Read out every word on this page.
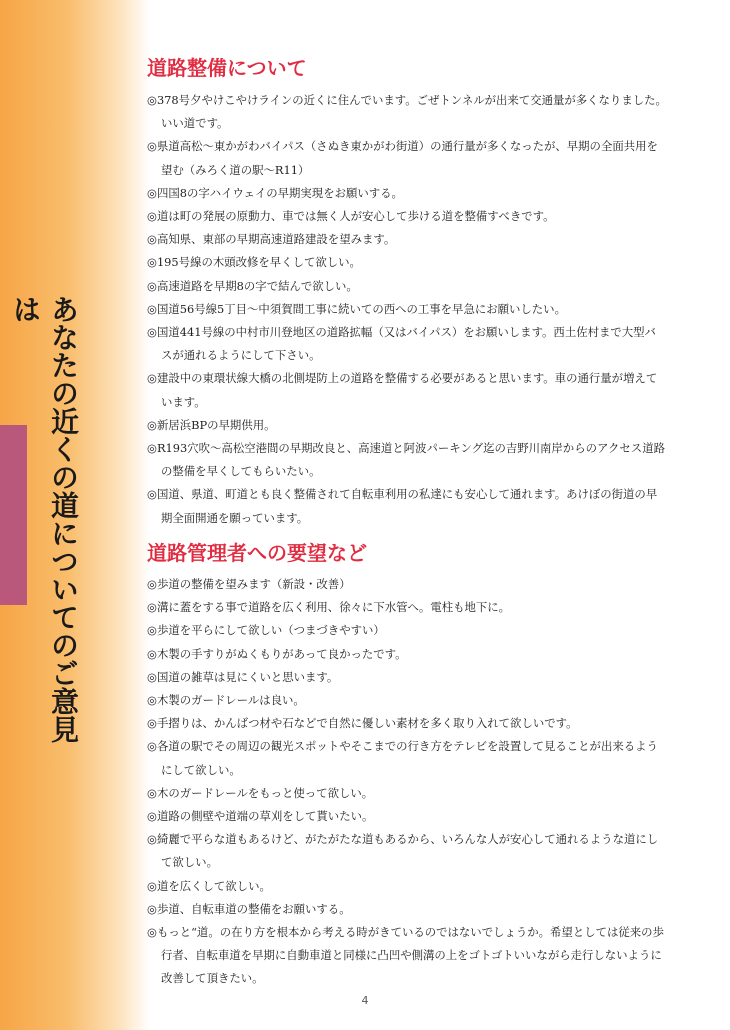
あなたの近くの道についてのご意見は
道路整備について
◎378号夕やけこやけラインの近くに住んでいます。ごぜトンネルが出来て交通量が多くなりました。いい道です。
◎県道高松～東かがわバイパス（さぬき東かがわ街道）の通行量が多くなったが、早期の全面共用を望む（みろく道の駅～R11）
◎四国8の字ハイウェイの早期実現をお願いする。
◎道は町の発展の原動力、車では無く人が安心して歩ける道を整備すべきです。
◎高知県、東部の早期高速道路建設を望みます。
◎195号線の木頭改修を早くして欲しい。
◎高速道路を早期8の字で結んで欲しい。
◎国道56号線5丁目～中須賀間工事に続いての西への工事を早急にお願いしたい。
◎国道441号線の中村市川登地区の道路拡幅（又はバイパス）をお願いします。西土佐村まで大型バスが通れるようにして下さい。
◎建設中の東環状線大橋の北側堤防上の道路を整備する必要があると思います。車の通行量が増えています。
◎新居浜BPの早期供用。
◎R193穴吹～高松空港間の早期改良と、高速道と阿波パーキング迄の吉野川南岸からのアクセス道路の整備を早くしてもらいたい。
◎国道、県道、町道とも良く整備されて自転車利用の私達にも安心して通れます。あけぼの街道の早期全面開通を願っています。
道路管理者への要望など
◎歩道の整備を望みます（新設・改善）
◎溝に蓋をする事で道路を広く利用、徐々に下水管へ。電柱も地下に。
◎歩道を平らにして欲しい（つまづきやすい）
◎木製の手すりがぬくもりがあって良かったです。
◎国道の雑草は見にくいと思います。
◎木製のガードレールは良い。
◎手摺りは、かんばつ材や石などで自然に優しい素材を多く取り入れて欲しいです。
◎各道の駅でその周辺の観光スポットやそこまでの行き方をテレビを設置して見ることが出来るようにして欲しい。
◎木のガードレールをもっと使って欲しい。
◎道路の側壁や道端の草刈をして貰いたい。
◎綺麗で平らな道もあるけど、がたがたな道もあるから、いろんな人が安心して通れるような道にして欲しい。
◎道を広くして欲しい。
◎歩道、自転車道の整備をお願いする。
◎もっと“道。の在り方を根本から考える時がきているのではないでしょうか。希望としては従来の歩行者、自転車道を早期に自動車道と同様に凸凹や側溝の上をゴトゴトいいながら走行しないように改善して頂きたい。
4
